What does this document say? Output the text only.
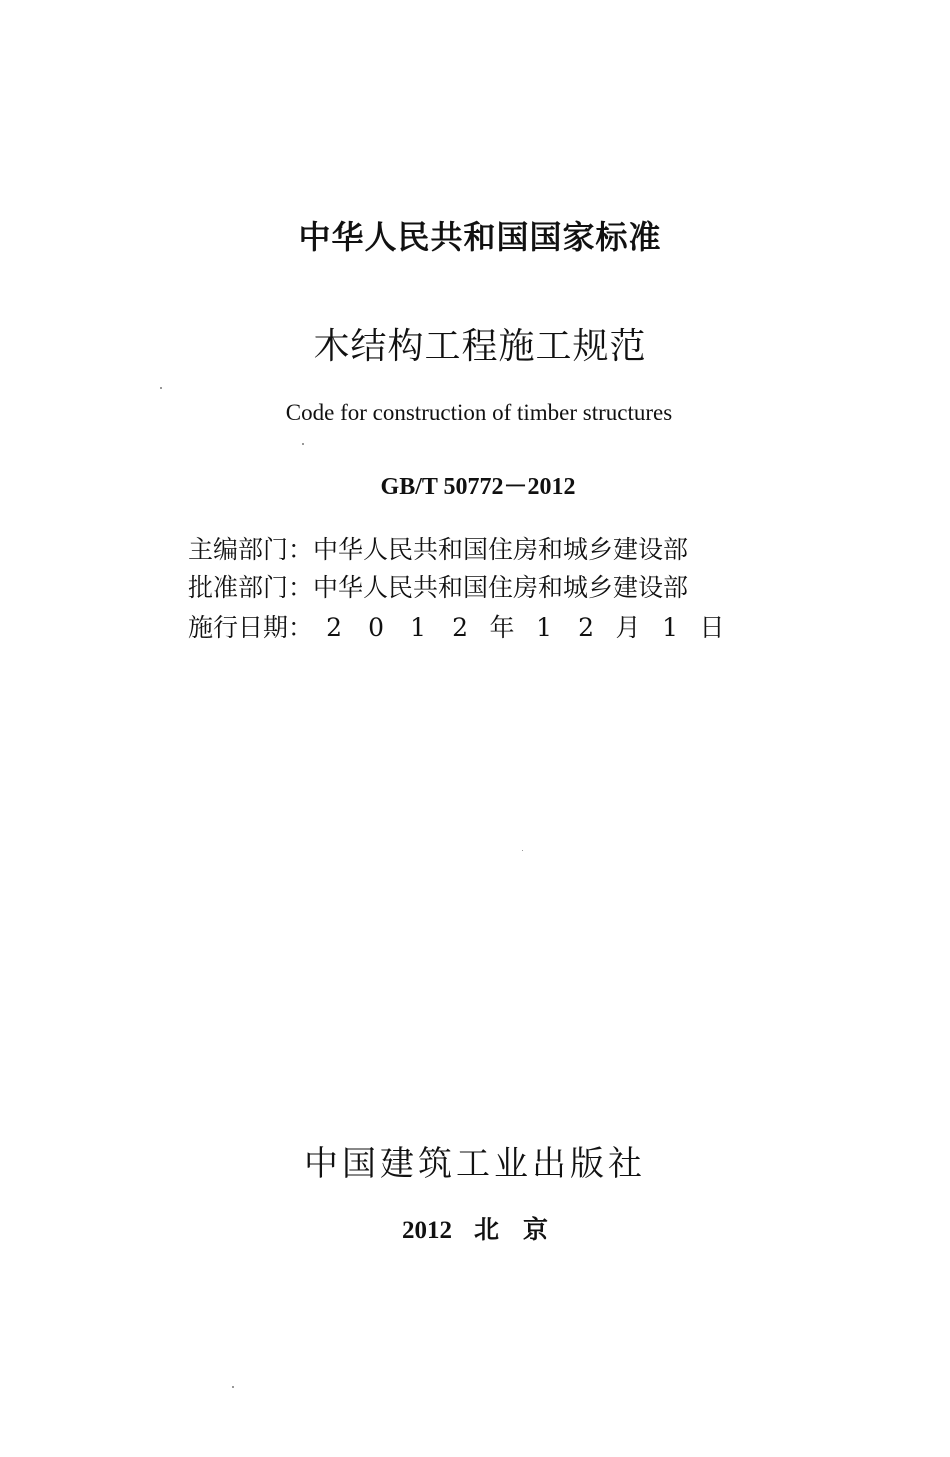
中华人民共和国国家标准
木结构工程施工规范
Code for construction of timber structures
GB/T 50772－2012
主编部门：中华人民共和国住房和城乡建设部
批准部门：中华人民共和国住房和城乡建设部
施行日期： 2 0 1 2 年 1 2 月 1 日
中国建筑工业出版社
2012 北 京
